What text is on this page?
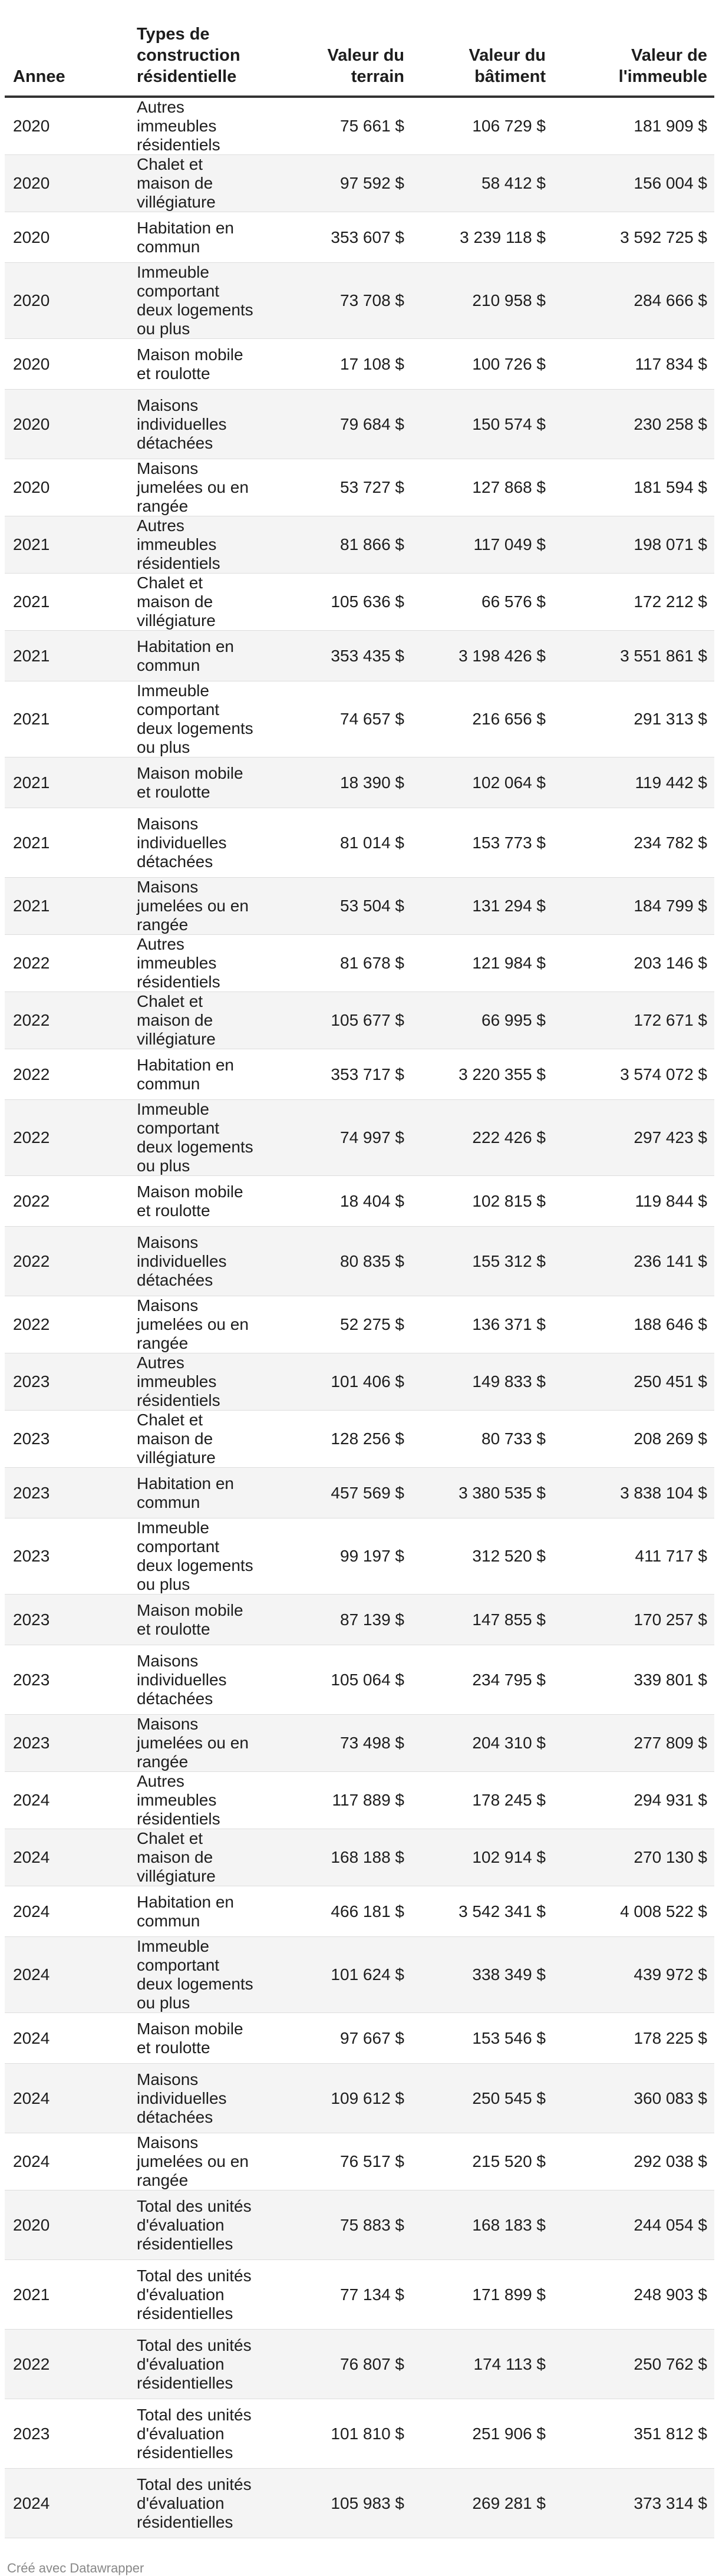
Annee	Types de construction résidentielle	Valeur du terrain	Valeur du bâtiment	Valeur de l'immeuble
2020	Autres immeubles résidentiels	75 661 $	106 729 $	181 909 $
2020	Chalet et maison de villégiature	97 592 $	58 412 $	156 004 $
2020	Habitation en commun	353 607 $	3 239 118 $	3 592 725 $
2020	Immeuble comportant deux logements ou plus	73 708 $	210 958 $	284 666 $
2020	Maison mobile et roulotte	17 108 $	100 726 $	117 834 $
2020	Maisons individuelles détachées	79 684 $	150 574 $	230 258 $
2020	Maisons jumelées ou en rangée	53 727 $	127 868 $	181 594 $
2021	Autres immeubles résidentiels	81 866 $	117 049 $	198 071 $
2021	Chalet et maison de villégiature	105 636 $	66 576 $	172 212 $
2021	Habitation en commun	353 435 $	3 198 426 $	3 551 861 $
2021	Immeuble comportant deux logements ou plus	74 657 $	216 656 $	291 313 $
2021	Maison mobile et roulotte	18 390 $	102 064 $	119 442 $
2021	Maisons individuelles détachées	81 014 $	153 773 $	234 782 $
2021	Maisons jumelées ou en rangée	53 504 $	131 294 $	184 799 $
2022	Autres immeubles résidentiels	81 678 $	121 984 $	203 146 $
2022	Chalet et maison de villégiature	105 677 $	66 995 $	172 671 $
2022	Habitation en commun	353 717 $	3 220 355 $	3 574 072 $
2022	Immeuble comportant deux logements ou plus	74 997 $	222 426 $	297 423 $
2022	Maison mobile et roulotte	18 404 $	102 815 $	119 844 $
2022	Maisons individuelles détachées	80 835 $	155 312 $	236 141 $
2022	Maisons jumelées ou en rangée	52 275 $	136 371 $	188 646 $
2023	Autres immeubles résidentiels	101 406 $	149 833 $	250 451 $
2023	Chalet et maison de villégiature	128 256 $	80 733 $	208 269 $
2023	Habitation en commun	457 569 $	3 380 535 $	3 838 104 $
2023	Immeuble comportant deux logements ou plus	99 197 $	312 520 $	411 717 $
2023	Maison mobile et roulotte	87 139 $	147 855 $	170 257 $
2023	Maisons individuelles détachées	105 064 $	234 795 $	339 801 $
2023	Maisons jumelées ou en rangée	73 498 $	204 310 $	277 809 $
2024	Autres immeubles résidentiels	117 889 $	178 245 $	294 931 $
2024	Chalet et maison de villégiature	168 188 $	102 914 $	270 130 $
2024	Habitation en commun	466 181 $	3 542 341 $	4 008 522 $
2024	Immeuble comportant deux logements ou plus	101 624 $	338 349 $	439 972 $
2024	Maison mobile et roulotte	97 667 $	153 546 $	178 225 $
2024	Maisons individuelles détachées	109 612 $	250 545 $	360 083 $
2024	Maisons jumelées ou en rangée	76 517 $	215 520 $	292 038 $
2020	Total des unités d'évaluation résidentielles	75 883 $	168 183 $	244 054 $
2021	Total des unités d'évaluation résidentielles	77 134 $	171 899 $	248 903 $
2022	Total des unités d'évaluation résidentielles	76 807 $	174 113 $	250 762 $
2023	Total des unités d'évaluation résidentielles	101 810 $	251 906 $	351 812 $
2024	Total des unités d'évaluation résidentielles	105 983 $	269 281 $	373 314 $
Créé avec Datawrapper
